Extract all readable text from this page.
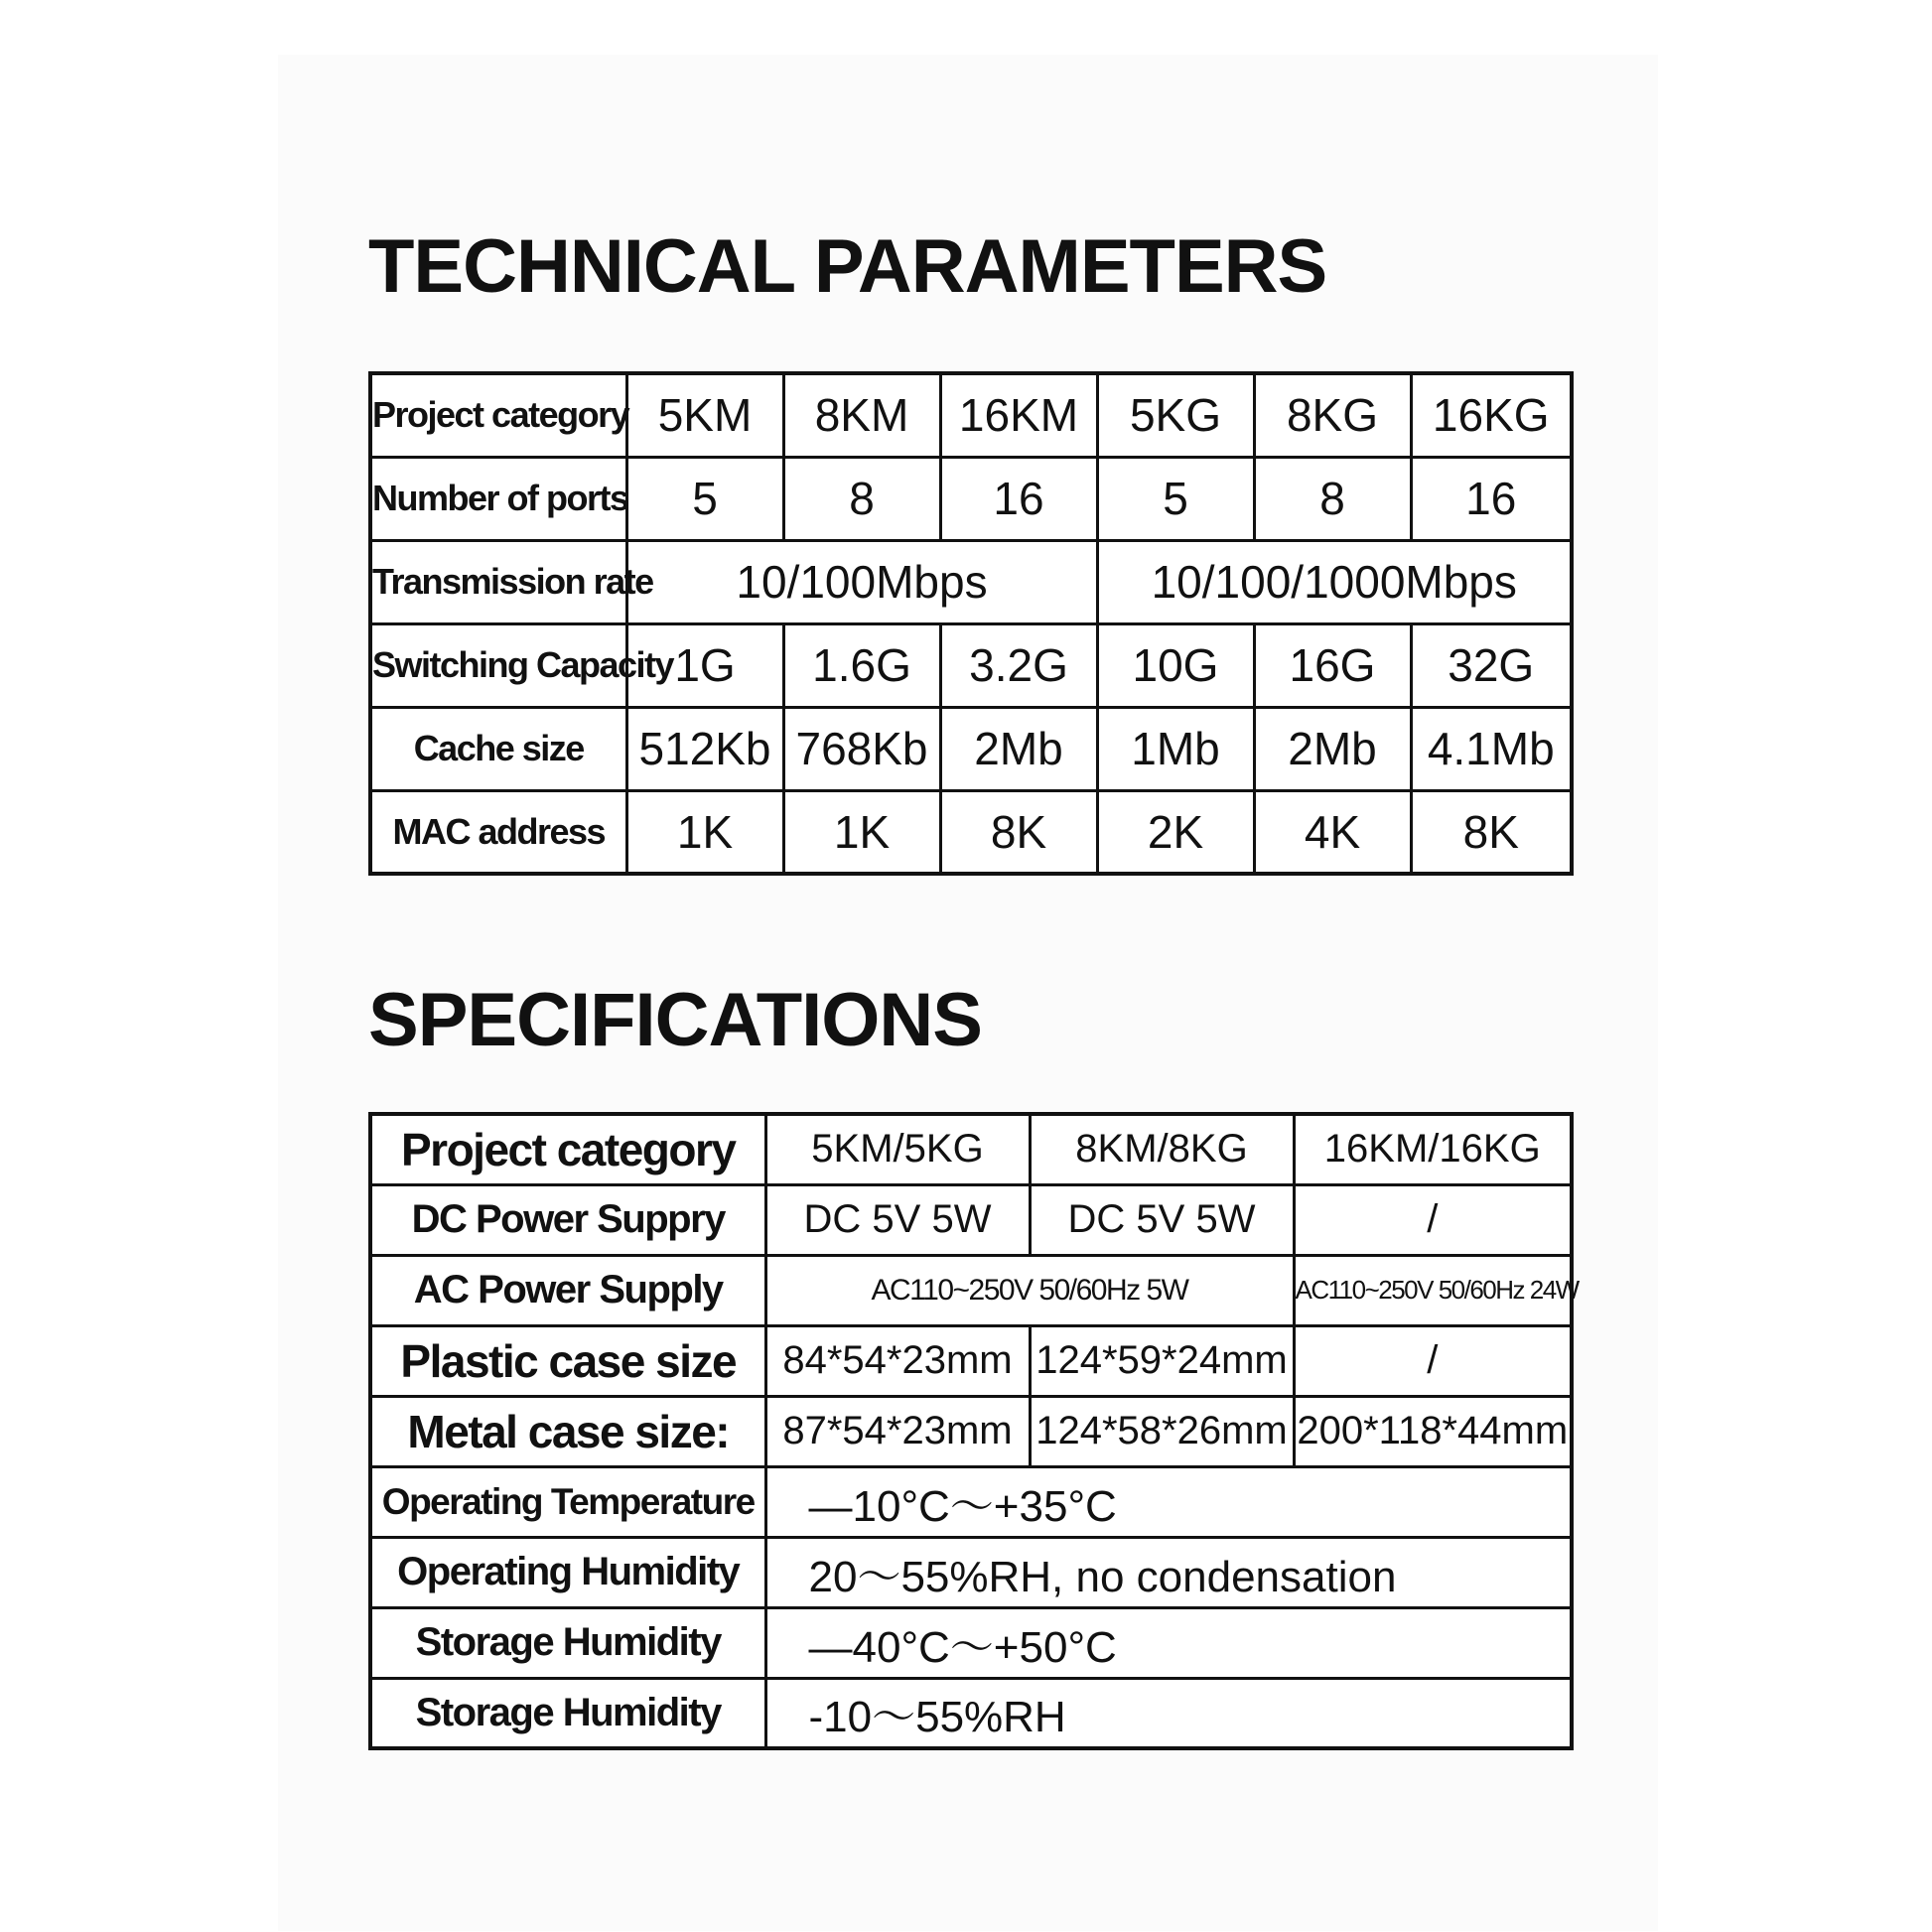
TECHNICAL PARAMETERS
Project category	5KM	8KM	16KM	5KG	8KG	16KG
Number of ports	5	8	16	5	8	16
Transmission rate	10/100Mbps			10/100/1000Mbps		
Switching Capacity	1G	1.6G	3.2G	10G	16G	32G
Cache size	512Kb	768Kb	2Mb	1Mb	2Mb	4.1Mb
MAC address	1K	1K	8K	2K	4K	8K
SPECIFICATIONS
Project category	5KM/5KG	8KM/8KG	16KM/16KG
DC Power Suppry	DC 5V 5W	DC 5V 5W	/
AC Power Supply	AC110~250V 50/60Hz 5W		AC110~250V 50/60Hz 24W
Plastic case size	84*54*23mm	124*59*24mm	/
Metal case size:	87*54*23mm	124*58*26mm	200*118*44mm
Operating Temperature	—10°C～+35°C		
Operating Humidity	20～55%RH, no condensation		
Storage Humidity	—40°C～+50°C		
Storage Humidity	-10～55%RH		
